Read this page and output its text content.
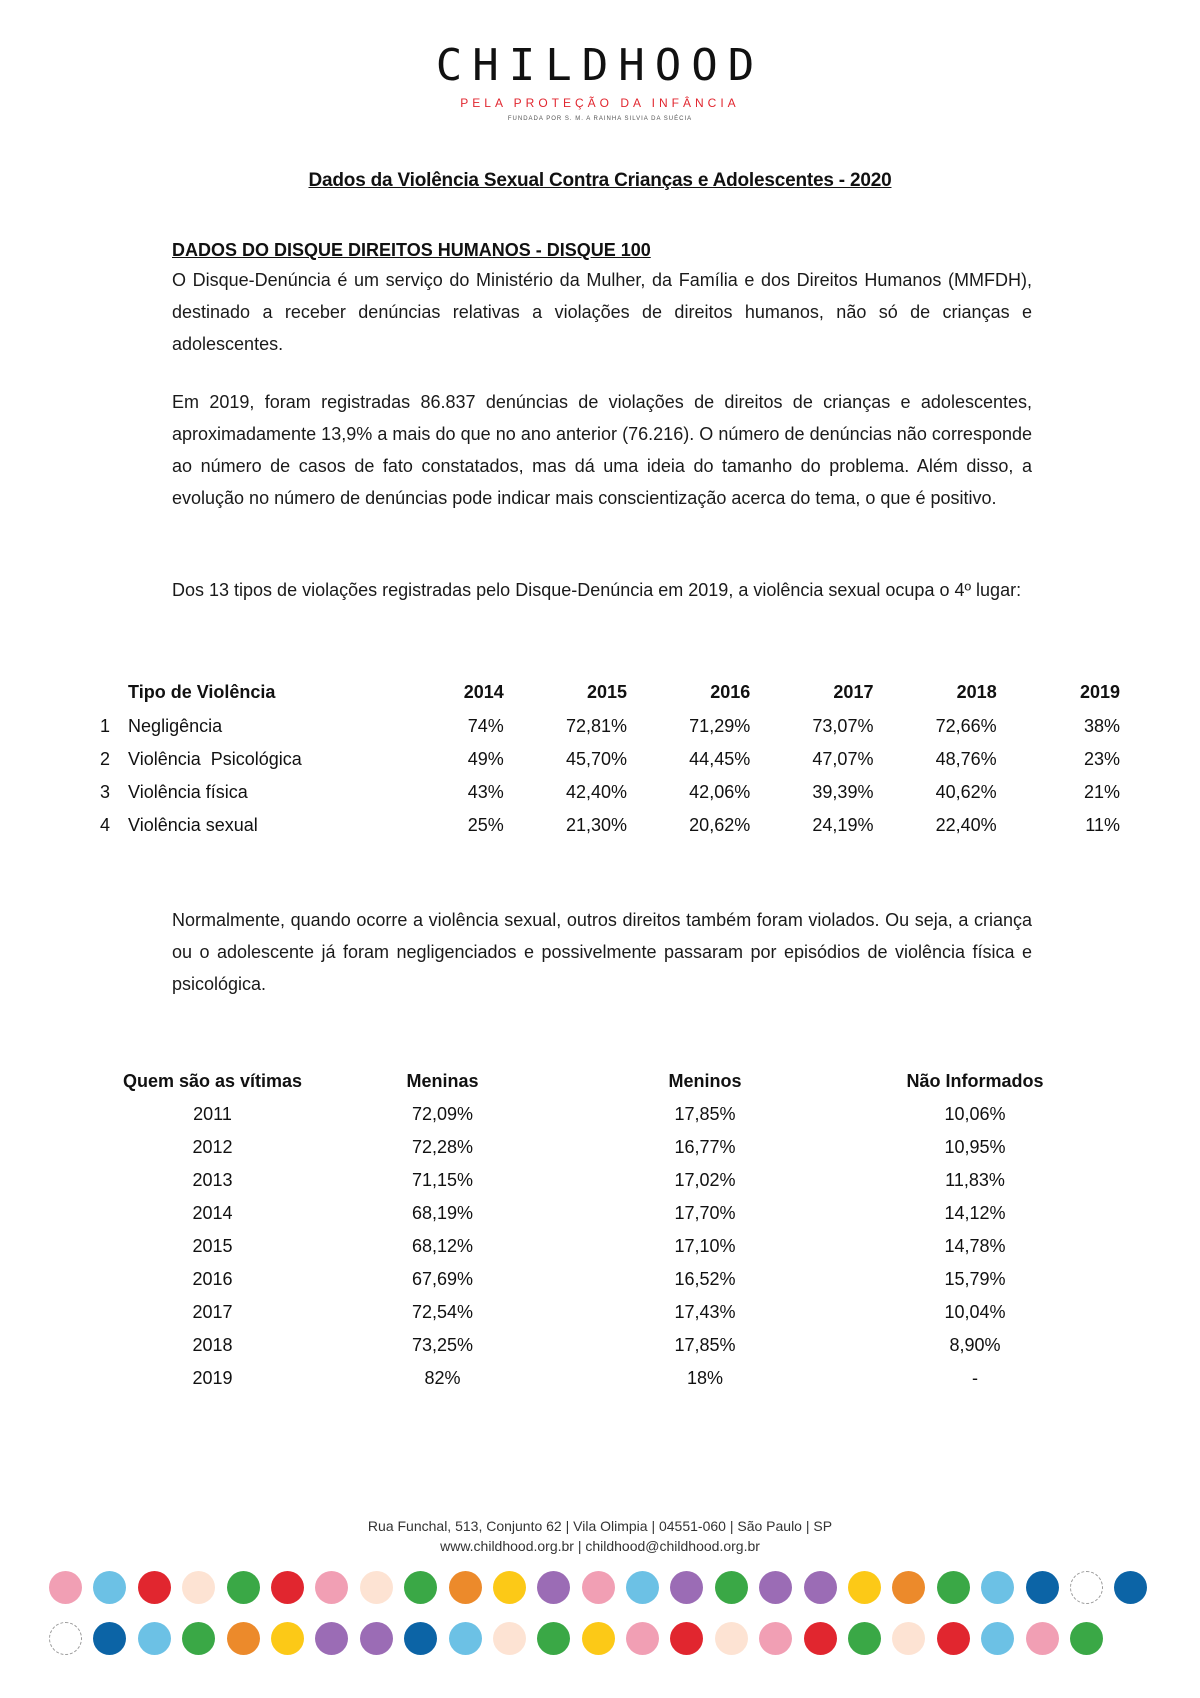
CHILDHOOD
PELA PROTEÇÃO DA INFÂNCIA
FUNDADA POR S. M. A RAINHA SILVIA DA SUÉCIA
Dados da Violência Sexual Contra Crianças e Adolescentes - 2020
DADOS DO DISQUE DIREITOS HUMANOS - DISQUE 100

O Disque-Denúncia é um serviço do Ministério da Mulher, da Família e dos Direitos Humanos (MMFDH), destinado a receber denúncias relativas a violações de direitos humanos, não só de crianças e adolescentes.

Em 2019, foram registradas 86.837 denúncias de violações de direitos de crianças e adolescentes, aproximadamente 13,9% a mais do que no ano anterior (76.216). O número de denúncias não corresponde ao número de casos de fato constatados, mas dá uma ideia do tamanho do problema. Além disso, a evolução no número de denúncias pode indicar mais conscientização acerca do tema, o que é positivo.

Dos 13 tipos de violações registradas pelo Disque-Denúncia em 2019, a violência sexual ocupa o 4º lugar:

	Tipo de Violência	2014	2015	2016	2017	2018	2019
1	Negligência	74%	72,81%	71,29%	73,07%	72,66%	38%
2	Violência  Psicológica	49%	45,70%	44,45%	47,07%	48,76%	23%
3	Violência física	43%	42,40%	42,06%	39,39%	40,62%	21%
4	Violência sexual	25%	21,30%	20,62%	24,19%	22,40%	11%

Normalmente, quando ocorre a violência sexual, outros direitos também foram violados. Ou seja, a criança ou o adolescente já foram negligenciados e possivelmente passaram por episódios de violência física e psicológica.

Quem são as vítimas	Meninas	Meninos	Não Informados
2011	72,09%	17,85%	10,06%
2012	72,28%	16,77%	10,95%
2013	71,15%	17,02%	11,83%
2014	68,19%	17,70%	14,12%
2015	68,12%	17,10%	14,78%
2016	67,69%	16,52%	15,79%
2017	72,54%	17,43%	10,04%
2018	73,25%	17,85%	8,90%
2019	82%	18%	-
Rua Funchal, 513, Conjunto 62 | Vila Olimpia | 04551-060 | São Paulo | SP
www.childhood.org.br | childhood@childhood.org.br
